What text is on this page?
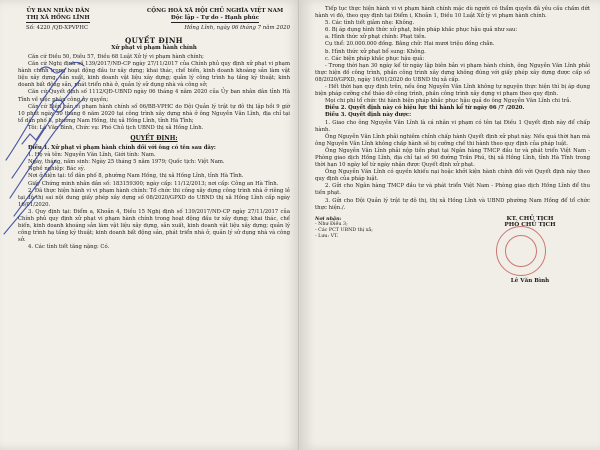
ỦY BAN NHÂN DÂN
THỊ XÃ HỒNG LĨNH
CỘNG HOÀ XÃ HỘI CHỦ NGHĨA VIỆT NAM
Độc lập - Tự do - Hạnh phúc
Số: 4220 /QĐ-XPVPHC	Hồng Lĩnh, ngày 06 tháng 7 năm 2020
QUYẾT ĐỊNH
Xử phạt vi phạm hành chính

Căn cứ Điều 50, Điều 57, Điều 68 Luật Xử lý vi phạm hành chính;

Căn cứ Nghị định số 139/2017/NĐ-CP ngày 27/11/2017 của Chính phủ quy định xử phạt vi phạm hành chính trong hoạt động đầu tư xây dựng; khai thác, chế biến, kinh doanh khoáng sản làm vật liệu xây dựng, sản xuất, kinh doanh vật liệu xây dựng; quản lý công trình hạ tầng kỹ thuật; kinh doanh bất động sản, phát triển nhà ở, quản lý sử dụng nhà và công sở;

Căn cứ Quyết định số 1112/QĐ-UBND ngày 06 tháng 4 năm 2020 của Ủy ban nhân dân tỉnh Hà Tĩnh về việc phân công ủy quyền;

Căn cứ Biên bản vi phạm hành chính số 06/BB-VPHC do Đội Quản lý trật tự đô thị lập hồi 9 giờ 10 phút ngày 30 tháng 6 năm 2020 tại công trình xây dựng nhà ở ông Nguyễn Văn Lĩnh, địa chỉ tại tổ dân phố 8, phường Nam Hồng, thị xã Hồng Lĩnh, tỉnh Hà Tĩnh;

Tôi: Lê Văn Bình, Chức vụ: Phó Chủ tịch UBND thị xã Hồng Lĩnh.

QUYẾT ĐỊNH:

Điều 1. Xử phạt vi phạm hành chính đối với ông có tên sau đây:

1. Họ và tên: Nguyễn Văn Lĩnh, Giới tính: Nam.

Ngày, tháng, năm sinh: Ngày 25 tháng 5 năm 1979; Quốc tịch: Việt Nam.

Nghề nghiệp: Bác sỹ.

Nơi ở hiện tại: tổ dân phố 8, phường Nam Hồng, thị xã Hồng Lĩnh, tỉnh Hà Tĩnh.

Giấy Chứng minh nhân dân số: 183159300; ngày cấp: 11/12/2013; nơi cấp: Công an Hà Tĩnh.

2. Đã thực hiện hành vi vi phạm hành chính: Tổ chức thi công xây dựng công trình nhà ở riêng lẻ tại đô thị sai nội dung giấy phép xây dựng số 08/2020/GPXD do UBND thị xã Hồng Lĩnh cấp ngày 16/01/2020.

3. Quy định tại: Điểm a, Khoản 4, Điều 15 Nghị định số 139/2017/NĐ-CP ngày 27/11/2017 của Chính phủ quy định xử phạt vi phạm hành chính trong hoạt động đầu tư xây dựng; khai thác, chế biến, kinh doanh khoáng sản làm vật liệu xây dựng, sản xuất, kinh doanh vật liệu xây dựng; quản lý công trình hạ tầng kỹ thuật; kinh doanh bất động sản, phát triển nhà ở, quản lý sử dụng nhà và công sở.

4. Các tình tiết tăng nặng: Có.

Tiếp tục thực hiện hành vi vi phạm hành chính mặc dù người có thẩm quyền đã yêu cầu chấm dứt hành vi đó, theo quy định tại Điểm i, Khoản 1, Điều 10 Luật Xử lý vi phạm hành chính.

5. Các tình tiết giảm nhẹ: Không.

6. Bị áp dụng hình thức xử phạt, biện pháp khắc phục hậu quả như sau:

a. Hình thức xử phạt chính: Phạt tiền.

Cụ thể: 20.000.000 đồng. Bằng chữ: Hai mươi triệu đồng chẵn.

b. Hình thức xử phạt bổ sung: Không.

c. Các biện pháp khắc phục hậu quả:

- Trong thời hạn 30 ngày kể từ ngày lập biên bản vi phạm hành chính, ông Nguyễn Văn Lĩnh phải thực hiện đồ công trình, phần công trình xây dựng không đúng với giấy phép xây dựng được cấp số 08/2020/GPXD, ngày 16/01/2020 do UBND thị xã cấp.

- Hết thời hạn quy định trên, nếu ông Nguyễn Văn Lĩnh không tự nguyện thực hiện thì bị áp dụng biện pháp cưỡng chế tháo dỡ công trình, phần công trình xây dựng vi phạm theo quy định.

Mọi chi phí tổ chức thi hành biện pháp khắc phục hậu quả do ông Nguyễn Văn Lĩnh chi trả.

Điều 2. Quyết định này có hiệu lực thi hành kể từ ngày 06 /7 /2020.

Điều 3. Quyết định này được:

1. Giao cho ông Nguyễn Văn Lĩnh là cá nhân vi phạm có tên tại Điều 1 Quyết định này để chấp hành.

Ông Nguyễn Văn Lĩnh phải nghiêm chỉnh chấp hành Quyết định xử phạt này. Nếu quá thời hạn mà ông Nguyễn Văn Lĩnh không chấp hành sẽ bị cưỡng chế thi hành theo quy định của pháp luật.

Ông Nguyễn Văn Lĩnh phải nộp tiền phạt tại Ngân hàng TMCP đầu tư và phát triển Việt Nam - Phòng giao dịch Hồng Lĩnh, địa chỉ tại số 90 đường Trần Phú, thị xã Hồng Lĩnh, tỉnh Hà Tĩnh trong thời hạn 10 ngày kể từ ngày nhận được Quyết định xử phạt.

Ông Nguyễn Văn Lĩnh có quyền khiếu nại hoặc khởi kiện hành chính đối với Quyết định này theo quy định của pháp luật.

2. Gửi cho Ngân hàng TMCP đầu tư và phát triển Việt Nam - Phòng giao dịch Hồng Lĩnh để thu tiền phạt.

3. Gửi cho Đội Quản lý trật tự đô thị, thị xã Hồng Lĩnh và UBND phường Nam Hồng để tổ chức thực hiện./.

Nơi nhận:
- Như Điều 3;
- Các PCT UBND thị xã;
- Lưu: VT.
KT. CHỦ TỊCH
PHÓ CHỦ TỊCH
Lê Văn Bình
